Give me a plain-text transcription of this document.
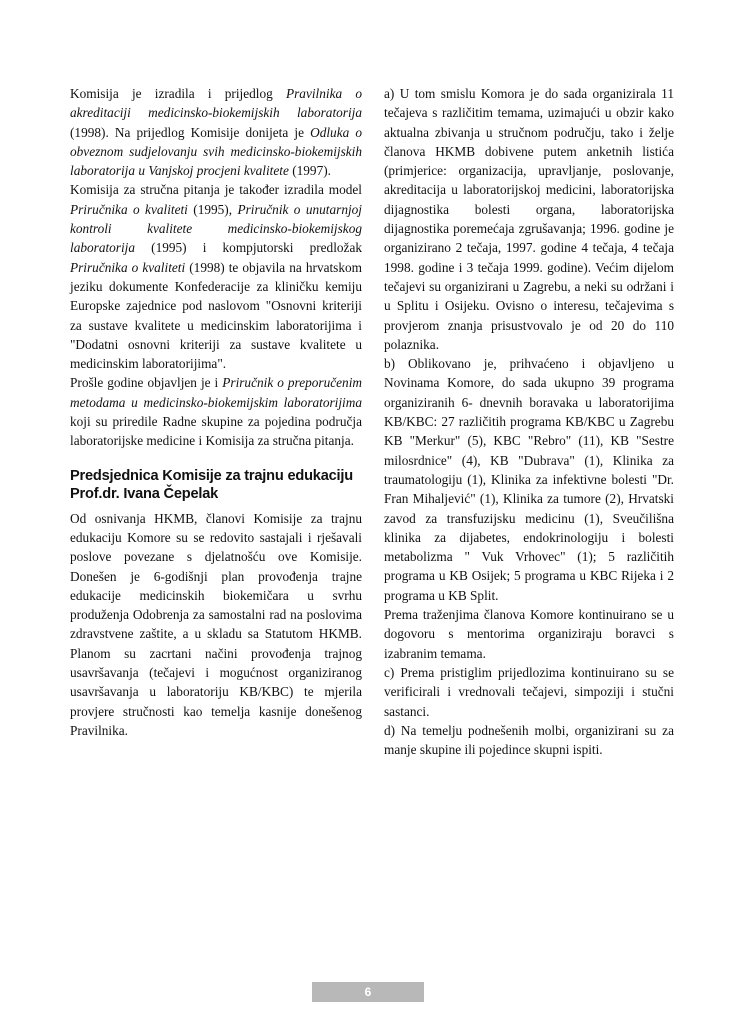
Komisija je izradila i prijedlog Pravilnika o akreditaciji medicinsko-biokemijskih laboratorija (1998). Na prijedlog Komisije donijeta je Odluka o obveznom sudjelovanju svih medicinsko-biokemijskih laboratorija u Vanjskoj procjeni kvalitete (1997).

Komisija za stručna pitanja je također izradila model Priručnika o kvaliteti (1995), Priručnik o unutarnjoj kontroli kvalitete medicinsko-biokemijskog laboratorija (1995) i kompjutorski predložak Priručnika o kvaliteti (1998) te objavila na hrvatskom jeziku dokumente Konfederacije za kliničku kemiju Europske zajednice pod naslovom "Osnovni kriteriji za sustave kvalitete u medicinskim laboratorijima i "Dodatni osnovni kriteriji za sustave kvalitete u medicinskim laboratorijima".

Prošle godine objavljen je i Priručnik o preporučenim metodama u medicinsko-biokemijskim laboratorijima koji su priredile Radne skupine za pojedina područja laboratorijske medicine i Komisija za stručna pitanja.

Predsjednica Komisije za trajnu edukaciju
Prof.dr. Ivana Čepelak

Od osnivanja HKMB, članovi Komisije za trajnu edukaciju Komore su se redovito sastajali i rješavali poslove povezane s djelatnošću ove Komisije. Donešen je 6-godišnji plan provođenja trajne edukacije medicinskih biokemičara u svrhu produženja Odobrenja za samostalni rad na poslovima zdravstvene zaštite, a u skladu sa Statutom HKMB. Planom su zacrtani načini provođenja trajnog usavršavanja (tečajevi i mogućnost organiziranog usavršavanja u laboratoriju KB/KBC) te mjerila provjere stručnosti kao temelja kasnije donešenog Pravilnika.

a) U tom smislu Komora je do sada organizirala 11 tečajeva s različitim temama, uzimajući u obzir kako aktualna zbivanja u stručnom području, tako i želje članova HKMB dobivene putem anketnih listića (primjerice: organizacija, upravljanje, poslovanje, akreditacija u laboratorijskoj medicini, laboratorijska dijagnostika bolesti organa, laboratorijska dijagnostika poremećaja zgrušavanja; 1996. godine je organizirano 2 tečaja, 1997. godine 4 tečaja, 4 tečaja 1998. godine i 3 tečaja 1999. godine). Većim dijelom tečajevi su organizirani u Zagrebu, a neki su održani i u Splitu i Osijeku. Ovisno o interesu, tečajevima s provjerom znanja prisustvovalo je od 20 do 110 polaznika.

b) Oblikovano je, prihvaćeno i objavljeno u Novinama Komore, do sada ukupno 39 programa organiziranih 6- dnevnih boravaka u laboratorijima KB/KBC: 27 različitih programa KB/KBC u Zagrebu KB "Merkur" (5), KBC "Rebro" (11), KB "Sestre milosrdnice" (4), KB "Dubrava" (1), Klinika za traumatologiju (1), Klinika za infektivne bolesti "Dr. Fran Mihaljević" (1), Klinika za tumore (2), Hrvatski zavod za transfuzijsku medicinu (1), Sveučilišna klinika za dijabetes, endokrinologiju i bolesti metabolizma " Vuk Vrhovec" (1); 5 različitih programa u KB Osijek; 5 programa u KBC Rijeka i 2 programa u KB Split.

Prema traženjima članova Komore kontinuirano se u dogovoru s mentorima organiziraju boravci s izabranim temama.

c) Prema pristiglim prijedlozima kontinuirano su se verificirali i vrednovali tečajevi, simpoziji i stučni sastanci.

d) Na temelju podnešenih molbi, organizirani su za manje skupine ili pojedince skupni ispiti.

6
